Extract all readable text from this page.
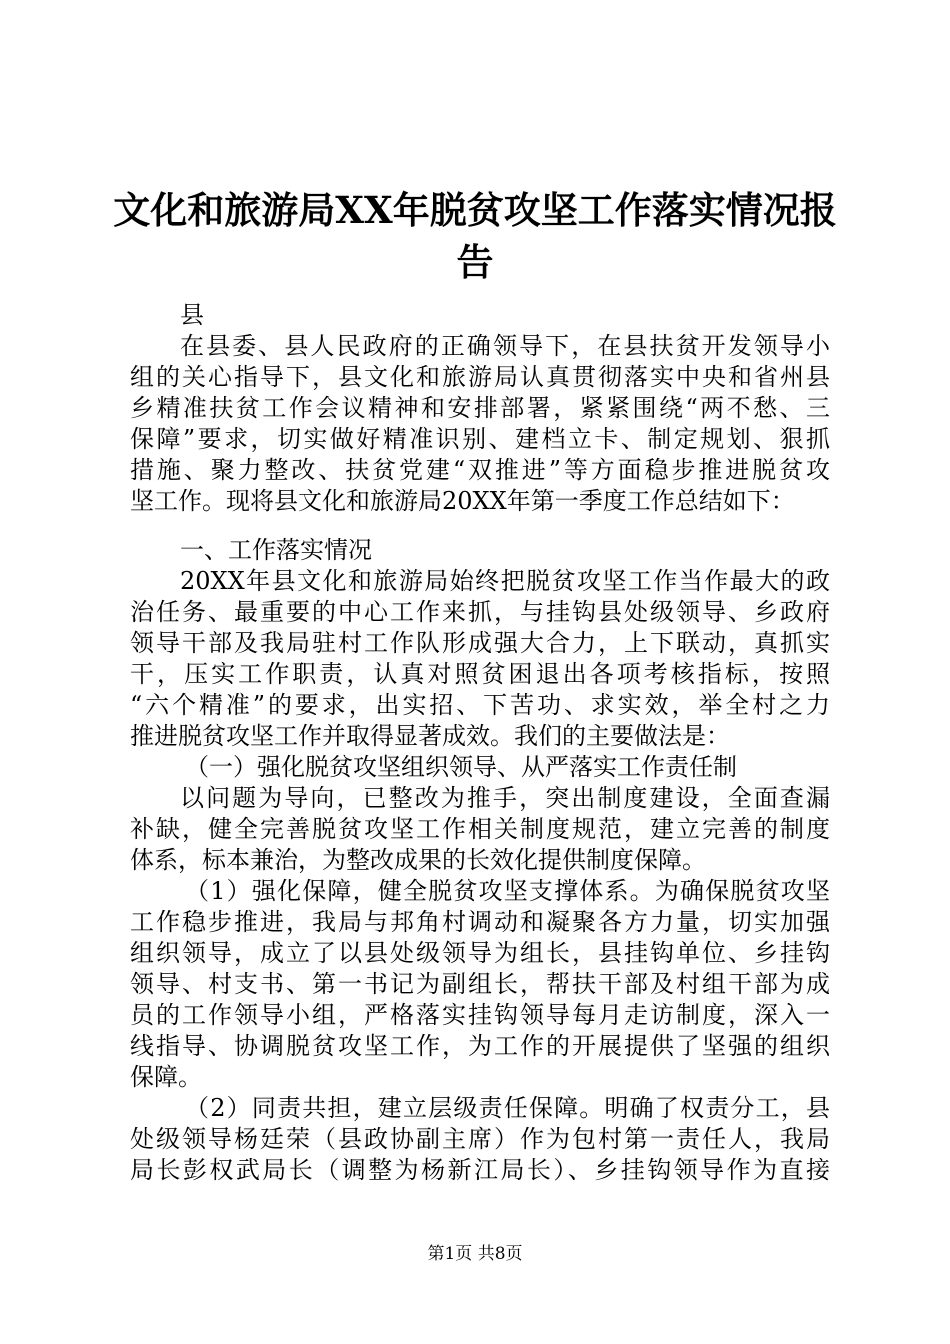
文化和旅游局XX年脱贫攻坚工作落实情况报
告
县
在县委、县人民政府的正确领导下，在县扶贫开发领导小
组的关心指导下，县文化和旅游局认真贯彻落实中央和省州县
乡精准扶贫工作会议精神和安排部署，紧紧围绕“两不愁、三
保障”要求，切实做好精准识别、建档立卡、制定规划、狠抓
措施、聚力整改、扶贫党建“双推进”等方面稳步推进脱贫攻
坚工作。现将县文化和旅游局20XX年第一季度工作总结如下：
一、工作落实情况
20XX年县文化和旅游局始终把脱贫攻坚工作当作最大的政
治任务、最重要的中心工作来抓，与挂钩县处级领导、乡政府
领导干部及我局驻村工作队形成强大合力，上下联动，真抓实
干，压实工作职责，认真对照贫困退出各项考核指标，按照
“六个精准”的要求，出实招、下苦功、求实效，举全村之力
推进脱贫攻坚工作并取得显著成效。我们的主要做法是：
（一）强化脱贫攻坚组织领导、从严落实工作责任制
以问题为导向，已整改为推手，突出制度建设，全面查漏
补缺，健全完善脱贫攻坚工作相关制度规范，建立完善的制度
体系，标本兼治，为整改成果的长效化提供制度保障。
（1）强化保障，健全脱贫攻坚支撑体系。为确保脱贫攻坚
工作稳步推进，我局与邦角村调动和凝聚各方力量，切实加强
组织领导，成立了以县处级领导为组长，县挂钩单位、乡挂钩
领导、村支书、第一书记为副组长，帮扶干部及村组干部为成
员的工作领导小组，严格落实挂钩领导每月走访制度，深入一
线指导、协调脱贫攻坚工作，为工作的开展提供了坚强的组织
保障。
（2）同责共担，建立层级责任保障。明确了权责分工，县
处级领导杨廷荣（县政协副主席）作为包村第一责任人，我局
局长彭权武局长（调整为杨新江局长）、乡挂钩领导作为直接
第1页 共8页
